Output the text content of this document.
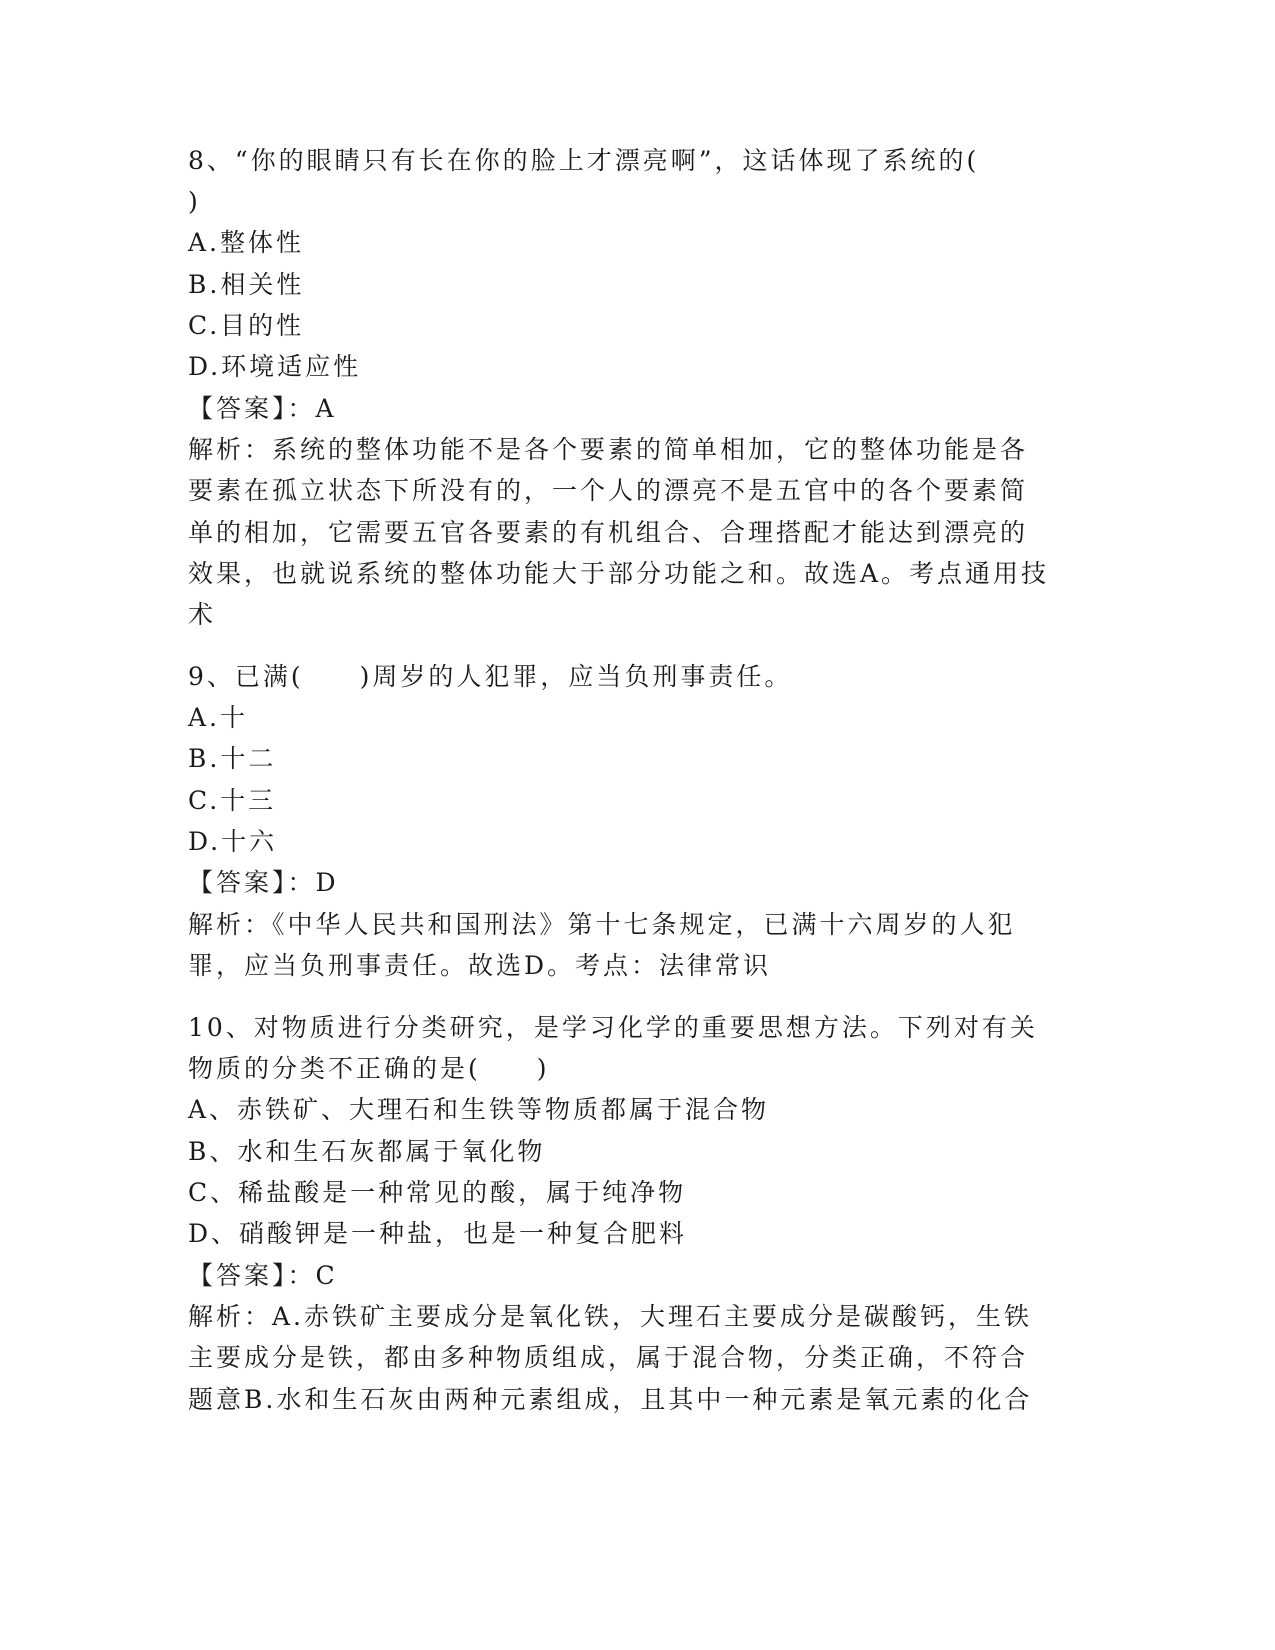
8、“你的眼睛只有长在你的脸上才漂亮啊”，这话体现了系统的(
)
A.整体性
B.相关性
C.目的性
D.环境适应性
【答案】：A
解析：系统的整体功能不是各个要素的简单相加，它的整体功能是各
要素在孤立状态下所没有的，一个人的漂亮不是五官中的各个要素简
单的相加，它需要五官各要素的有机组合、合理搭配才能达到漂亮的
效果，也就说系统的整体功能大于部分功能之和。故选A。考点通用技
术
9、已满(　　)周岁的人犯罪，应当负刑事责任。
A.十
B.十二
C.十三
D.十六
【答案】：D
解析：《中华人民共和国刑法》第十七条规定，已满十六周岁的人犯
罪，应当负刑事责任。故选D。考点：法律常识
10、对物质进行分类研究，是学习化学的重要思想方法。下列对有关
物质的分类不正确的是(　　)
A、赤铁矿、大理石和生铁等物质都属于混合物
B、水和生石灰都属于氧化物
C、稀盐酸是一种常见的酸，属于纯净物
D、硝酸钾是一种盐，也是一种复合肥料
【答案】：C
解析：A.赤铁矿主要成分是氧化铁，大理石主要成分是碳酸钙，生铁
主要成分是铁，都由多种物质组成，属于混合物，分类正确，不符合
题意B.水和生石灰由两种元素组成，且其中一种元素是氧元素的化合
